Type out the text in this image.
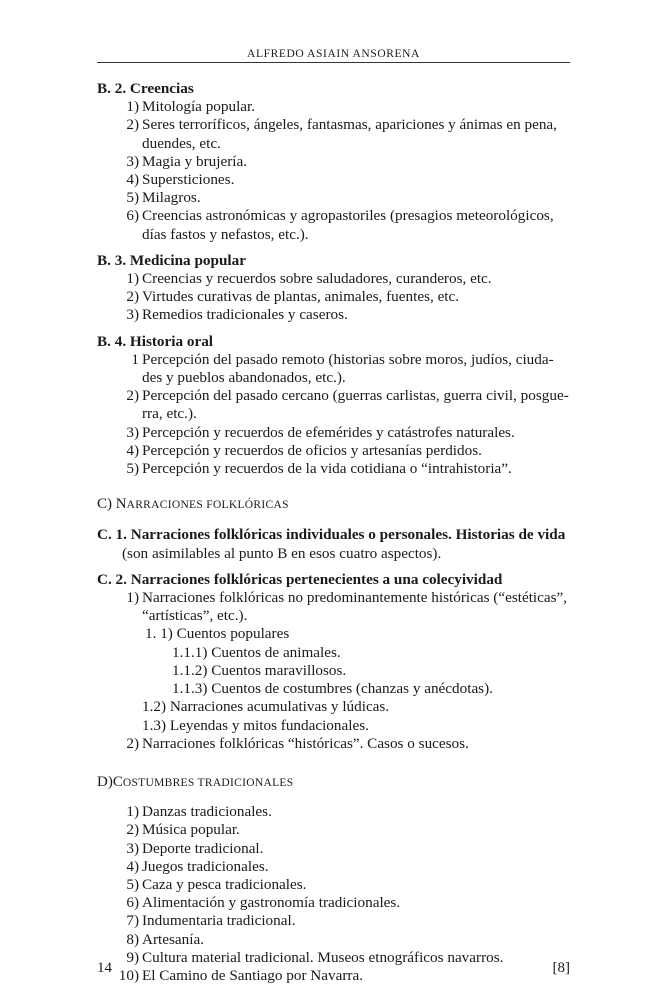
ALFREDO ASIAIN ANSORENA
B. 2. Creencias
1) Mitología popular.
2) Seres terroríficos, ángeles, fantasmas, apariciones y ánimas en pena,
duendes, etc.
3) Magia y brujería.
4) Supersticiones.
5) Milagros.
6) Creencias astronómicas y agropastoriles (presagios meteorológicos,
días fastos y nefastos, etc.).
B. 3. Medicina popular
1) Creencias y recuerdos sobre saludadores, curanderos, etc.
2) Virtudes curativas de plantas, animales, fuentes, etc.
3) Remedios tradicionales y caseros.
B. 4. Historia oral
1 Percepción del pasado remoto (historias sobre moros, judíos, ciuda-
des y pueblos abandonados, etc.).
2) Percepción del pasado cercano (guerras carlistas, guerra civil, posgue-
rra, etc.).
3) Percepción y recuerdos de efemérides y catástrofes naturales.
4) Percepción y recuerdos de oficios y artesanías perdidos.
5) Percepción y recuerdos de la vida cotidiana o “intrahistoria”.
C) NARRACIONES FOLKLÓRICAS
C. 1. Narraciones folklóricas individuales o personales. Historias de vida
(son asimilables al punto B en esos cuatro aspectos).
C. 2. Narraciones folklóricas pertenecientes a una colecyividad
1) Narraciones folklóricas no predominantemente históricas (“estéticas”,
“artísticas”, etc.).
1. 1) Cuentos populares
1.1.1) Cuentos de animales.
1.1.2) Cuentos maravillosos.
1.1.3) Cuentos de costumbres (chanzas y anécdotas).
1.2) Narraciones acumulativas y lúdicas.
1.3) Leyendas y mitos fundacionales.
2) Narraciones folklóricas “históricas”. Casos o sucesos.
D)COSTUMBRES TRADICIONALES
1) Danzas tradicionales.
2) Música popular.
3) Deporte tradicional.
4) Juegos tradicionales.
5) Caza y pesca tradicionales.
6) Alimentación y gastronomía tradicionales.
7) Indumentaria tradicional.
8) Artesanía.
9) Cultura material tradicional. Museos etnográficos navarros.
10) El Camino de Santiago por Navarra.
14	[8]
